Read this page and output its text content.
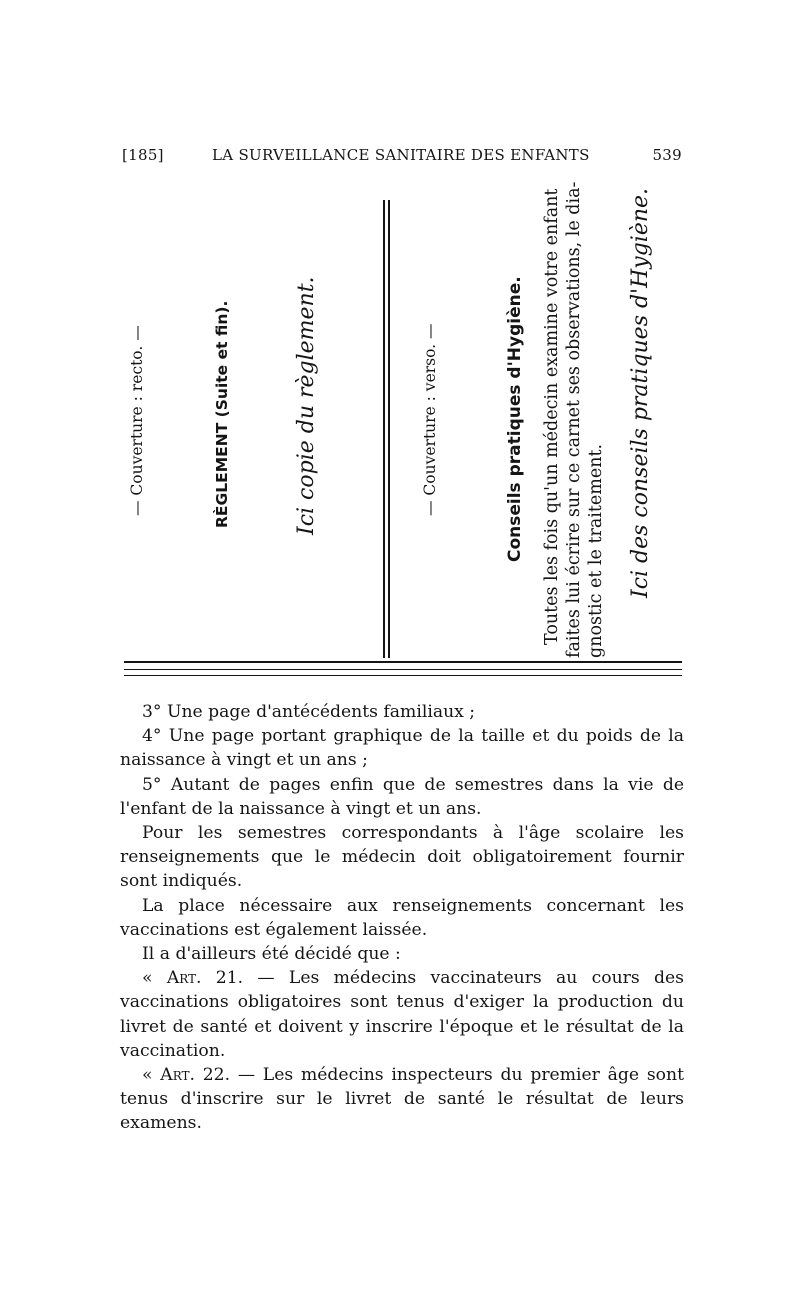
[185]	LA SURVEILLANCE SANITAIRE DES ENFANTS	539
— Couverture : recto. —	RÈGLEMENT (Suite et fin).	Ici copie du règlement.	— Couverture : verso. —	Conseils pratiques d'Hygiène. Toutes les fois qu'un médecin examine votre enfant faites lui écrire sur ce carnet ses observations, le dia- gnostic et le traitement. Ici des conseils pratiques d'Hygiène.

3° Une page d'antécédents familiaux ;

4° Une page portant graphique de la taille et du poids de la naissance à vingt et un ans ;

5° Autant de pages enfin que de semestres dans la vie de l'enfant de la naissance à vingt et un ans.

Pour les semestres correspondants à l'âge scolaire les renseignements que le médecin doit obligatoirement fournir sont indiqués.

La place nécessaire aux renseignements concernant les vaccinations est également laissée.

Il a d'ailleurs été décidé que :

« Art. 21. — Les médecins vaccinateurs au cours des vaccinations obligatoires sont tenus d'exiger la production du livret de santé et doivent y inscrire l'époque et le résultat de la vaccination.

« Art. 22. — Les médecins inspecteurs du premier âge sont tenus d'inscrire sur le livret de santé le résultat de leurs examens.
